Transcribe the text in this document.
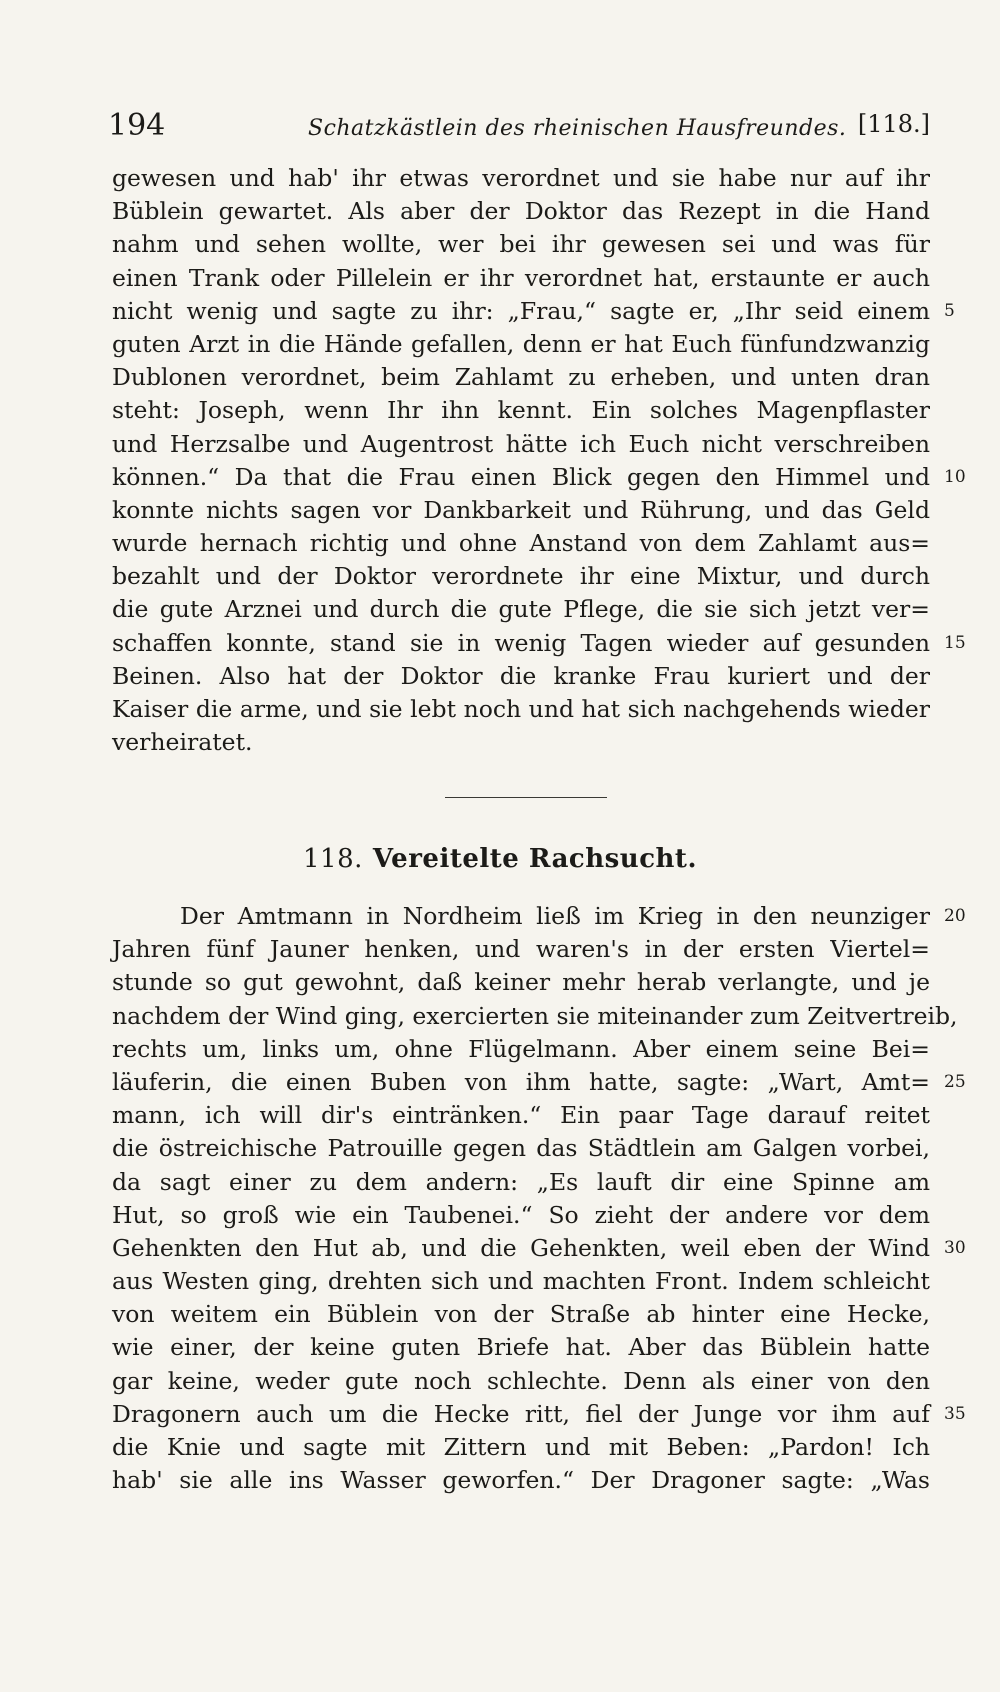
194	Schatzkästlein des rheinischen Hausfreundes. [118.]
gewesen und hab' ihr etwas verordnet und sie habe nur auf ihr
Büblein gewartet. Als aber der Doktor das Rezept in die Hand
nahm und sehen wollte, wer bei ihr gewesen sei und was für
einen Trank oder Pillelein er ihr verordnet hat, erstaunte er auch
nicht wenig und sagte zu ihr: „Frau,“ sagte er, „Ihr seid einem 5
guten Arzt in die Hände gefallen, denn er hat Euch fünfundzwanzig
Dublonen verordnet, beim Zahlamt zu erheben, und unten dran
steht: Joseph, wenn Ihr ihn kennt. Ein solches Magenpflaster
und Herzsalbe und Augentrost hätte ich Euch nicht verschreiben
können.“ Da that die Frau einen Blick gegen den Himmel und 10
konnte nichts sagen vor Dankbarkeit und Rührung, und das Geld
wurde hernach richtig und ohne Anstand von dem Zahlamt aus=
bezahlt und der Doktor verordnete ihr eine Mixtur, und durch
die gute Arznei und durch die gute Pflege, die sie sich jetzt ver=
schaffen konnte, stand sie in wenig Tagen wieder auf gesunden 15
Beinen. Also hat der Doktor die kranke Frau kuriert und der
Kaiser die arme, und sie lebt noch und hat sich nachgehends wieder
verheiratet.
118. Vereitelte Rachsucht.
Der Amtmann in Nordheim ließ im Krieg in den neunziger 20
Jahren fünf Jauner henken, und waren's in der ersten Viertel=
stunde so gut gewohnt, daß keiner mehr herab verlangte, und je
nachdem der Wind ging, exercierten sie miteinander zum Zeitvertreib,
rechts um, links um, ohne Flügelmann. Aber einem seine Bei=
läuferin, die einen Buben von ihm hatte, sagte: „Wart, Amt= 25
mann, ich will dir's eintränken.“ Ein paar Tage darauf reitet
die östreichische Patrouille gegen das Städtlein am Galgen vorbei,
da sagt einer zu dem andern: „Es lauft dir eine Spinne am
Hut, so groß wie ein Taubenei.“ So zieht der andere vor dem
Gehenkten den Hut ab, und die Gehenkten, weil eben der Wind 30
aus Westen ging, drehten sich und machten Front. Indem schleicht
von weitem ein Büblein von der Straße ab hinter eine Hecke,
wie einer, der keine guten Briefe hat. Aber das Büblein hatte
gar keine, weder gute noch schlechte. Denn als einer von den
Dragonern auch um die Hecke ritt, fiel der Junge vor ihm auf 35
die Knie und sagte mit Zittern und mit Beben: „Pardon! Ich
hab' sie alle ins Wasser geworfen.“ Der Dragoner sagte: „Was
